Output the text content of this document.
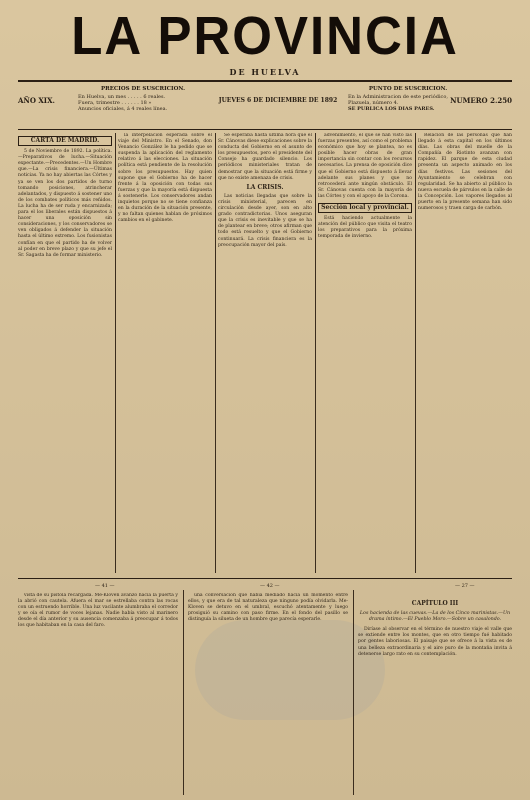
LA PROVINCIA
DE HUELVA
AÑO XIX.
PRECIOS DE SUSCRICION.
En Huelva, un mes . . . . . 6 reales.
Fuera, trimestre . . . . . . 18 »
Anuncios oficiales, á 4 reales línea.
JUEVES 6 DE DICIEMBRE DE 1892
PUNTO DE SUSCRICION.
En la Administracion de este periódico,
Plazuela, número 4.
SE PUBLICA LOS DIAS PARES.
NUMERO 2.250
CARTA DE MADRID.

5 de Noviembre de 1892. La política.—Preparativos de lucha.—Situación expectante.—Precedentes.—Un Hombre que.—La crisis financiera.—Últimas noticias. Ya no hay abiertas las Córtes y ya se ven los dos partidos de turno tomando posiciones, atrincherar adelantados, y dispuesto á sostener uno de los combates políticos más reñidos. La lucha ha de ser ruda y encarnizada; para el los liberales están dispuestos á hacer una oposición sin consideraciones, y los conservadores se ven obligados á defender la situación hasta el último extremo. Los fusionistas confían en que el partido ha de volver al poder en breve plazo y que su jefe el Sr. Sagasta ha de formar ministerio.

la interpelación esperada sobre el viaje del Ministro. En el Senado, don Venancio González le ha pedido que se suspenda la aplicación del reglamento relativo á las elecciones. La situación política está pendiente de la resolución sobre los presupuestos. Hay quien supone que el Gobierno ha de hacer frente á la oposición con todas sus fuerzas y que la mayoría está dispuesta á sostenerle. Los conservadores andan inquietos porque no se tiene confianza en la duración de la situación presente, y no faltan quienes hablan de próximos cambios en el gabinete.

Se esperaba hasta última hora que el Sr. Cánovas diese explicaciones sobre la conducta del Gobierno en el asunto de los presupuestos, pero el presidente del Consejo ha guardado silencio. Los periódicos ministeriales tratan de demostrar que la situación está firme y que no existe amenaza de crisis.

LA CRISIS.

Las noticias llegadas que sobre la crisis ministerial, parecen en circulación desde ayer, son en alto grado contradictorias. Unos aseguran que la crisis es inevitable y que se ha de plantear en breve; otros afirman que todo está resuelto y que el Gobierno continuará. La crisis financiera es la preocupación mayor del país.

advenimiento, el que se han visto las fuerzas presentes, así como el problema económico que hoy se plantea, no es posible hacer obras de gran importancia sin contar con los recursos necesarios. La prensa de oposición dice que el Gobierno está dispuesto á llevar adelante sus planes y que no retrocederá ante ningún obstáculo. El Sr. Cánovas cuenta con la mayoría de las Córtes y con el apoyo de la Corona.

Sección local y provincial.

Está haciendo actualmente la atención del público que visita el teatro los preparativos para la próxima temporada de invierno.

Relación de las personas que han llegado á esta capital en los últimos días. Las obras del muelle de la Compañía de Riotinto avanzan con rapidez. El parque de esta ciudad presenta un aspecto animado en los días festivos. Las sesiones del Ayuntamiento se celebran con regularidad. Se ha abierto al público la nueva escuela de párvulos en la calle de la Concepción. Los vapores llegados al puerto en la presente semana han sido numerosos y traen carga de carbón.

— 41 —	— 42 —	— 27 —

vista de su pistola recargada. Me-Kloven avanzó hacia la puerta y la abrió con cautela. Afuera el mar se estrellaba contra las rocas con un estruendo horrible. Una luz vacilante alumbraba el corredor y se oía el rumor de voces lejanas. Nadie había visto al marinero desde el día anterior y su ausencia comenzaba á preocupar á todos los que habitaban en la casa del faro.

una conversación que había mediado hacía un momento entre ellos, y que era de tal naturaleza que ninguno podía olvidarla. Me-Kloven se detuvo en el umbral, escuchó atentamente y luego prosiguió su camino con paso firme. En el fondo del pasillo se distinguía la silueta de un hombre que parecía esperarle.

CAPÍTULO III
Los hacienda de las cuevas.—La de los Cinco marinistas.—Un drama íntimo.—El Pueblo Moro.—Sobre un casalondo.

Diríase al observar en el término de nuestro viaje el valle que se extiende entre los montes, que en otro tiempo fué habitado por gentes laboriosas. El paisaje que se ofrece á la vista es de una belleza extraordinaria y el aire puro de la montaña invita á detenerse largo rato en su contemplación.
